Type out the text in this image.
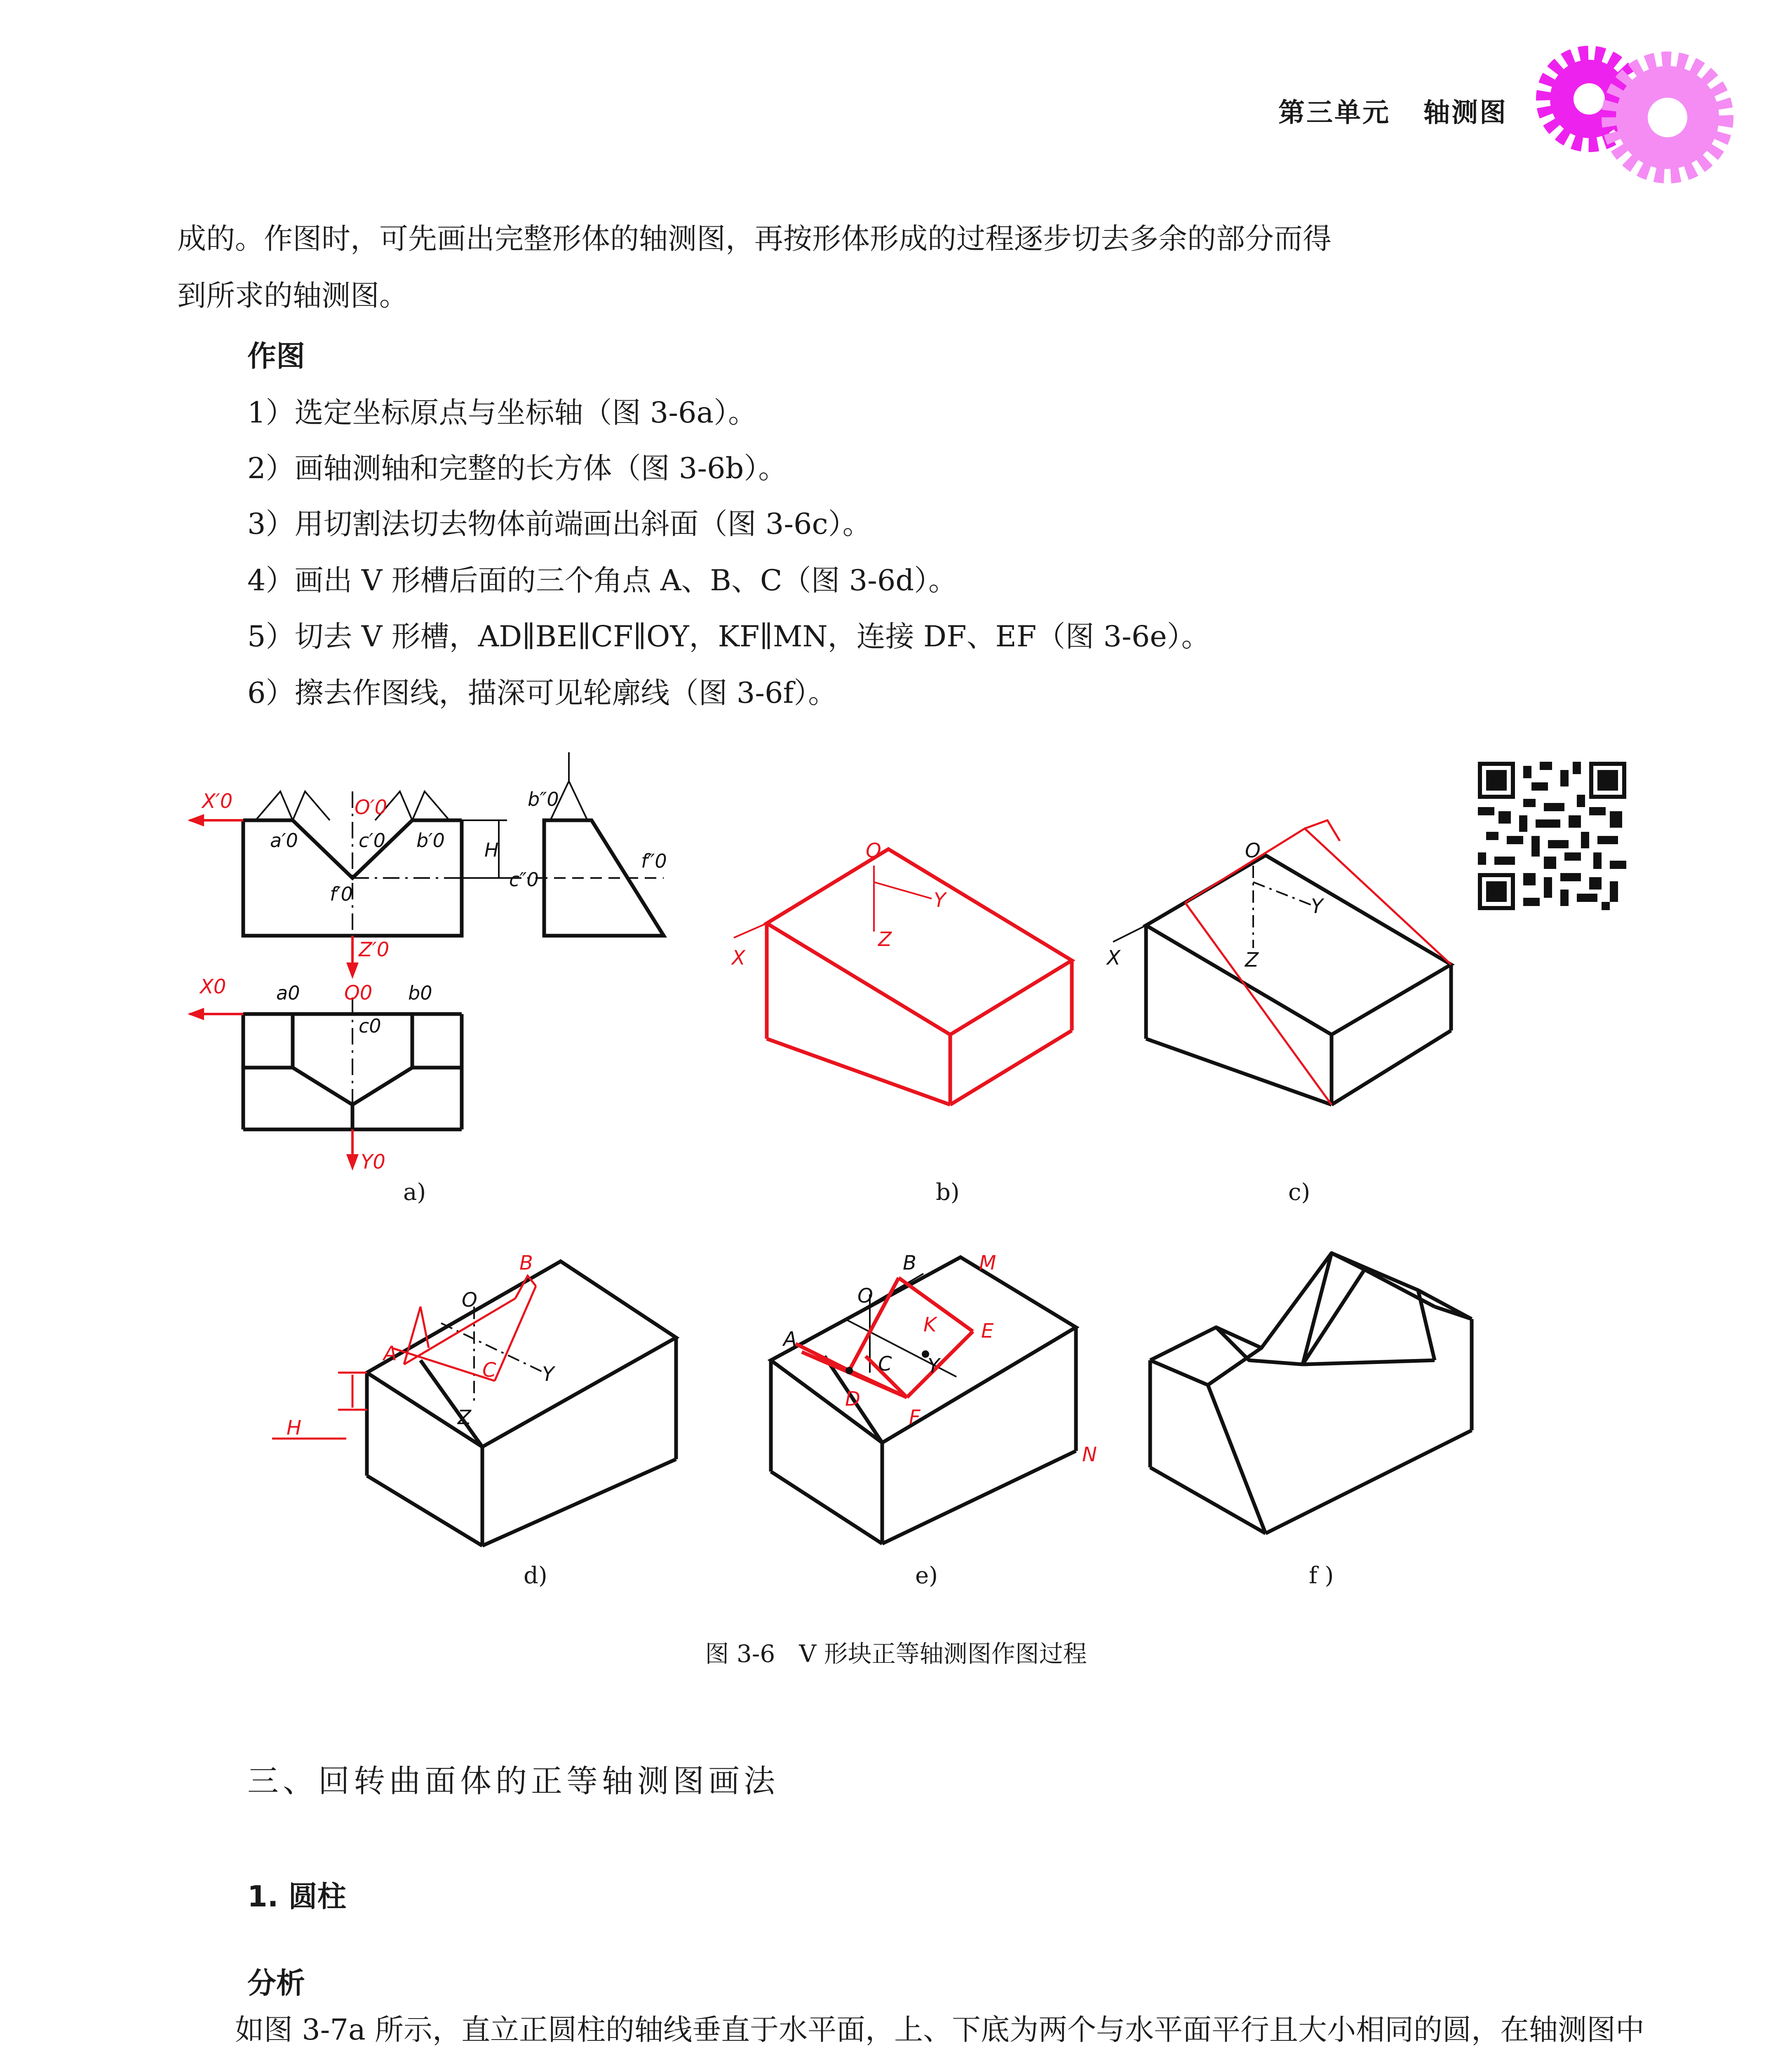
第三单元 轴测图
成的。作图时，可先画出完整形体的轴测图，再按形体形成的过程逐步切去多余的部分而得
到所求的轴测图。
作图
1）选定坐标原点与坐标轴（图 3-6a）。
2）画轴测轴和完整的长方体（图 3-6b）。
3）用切割法切去物体前端画出斜面（图 3-6c）。
4）画出 V 形槽后面的三个角点 A、B、C（图 3-6d）。
5）切去 V 形槽，AD∥BE∥CF∥OY，KF∥MN，连接 DF、EF（图 3-6e）。
6）擦去作图线，描深可见轮廓线（图 3-6f）。
X′0	O′0
Z′0
X0	O0
Y0
a′0	c′0 b′0
f′0
b″0
H
c″0
f″0
a0	b0
c0
O
X
Y
Z
O
X
Y
Z
a)	b)	c)
B
A
C
H
O
Y
Z
B
O
A
C Y
M
K E
D
F
N
d)	e)	f )
图 3-6　V 形块正等轴测图作图过程
三、回转曲面体的正等轴测图画法
1. 圆柱
分析
如图 3-7a 所示，直立正圆柱的轴线垂直于水平面，上、下底为两个与水平面平行且大小相同的圆，在轴测图中
